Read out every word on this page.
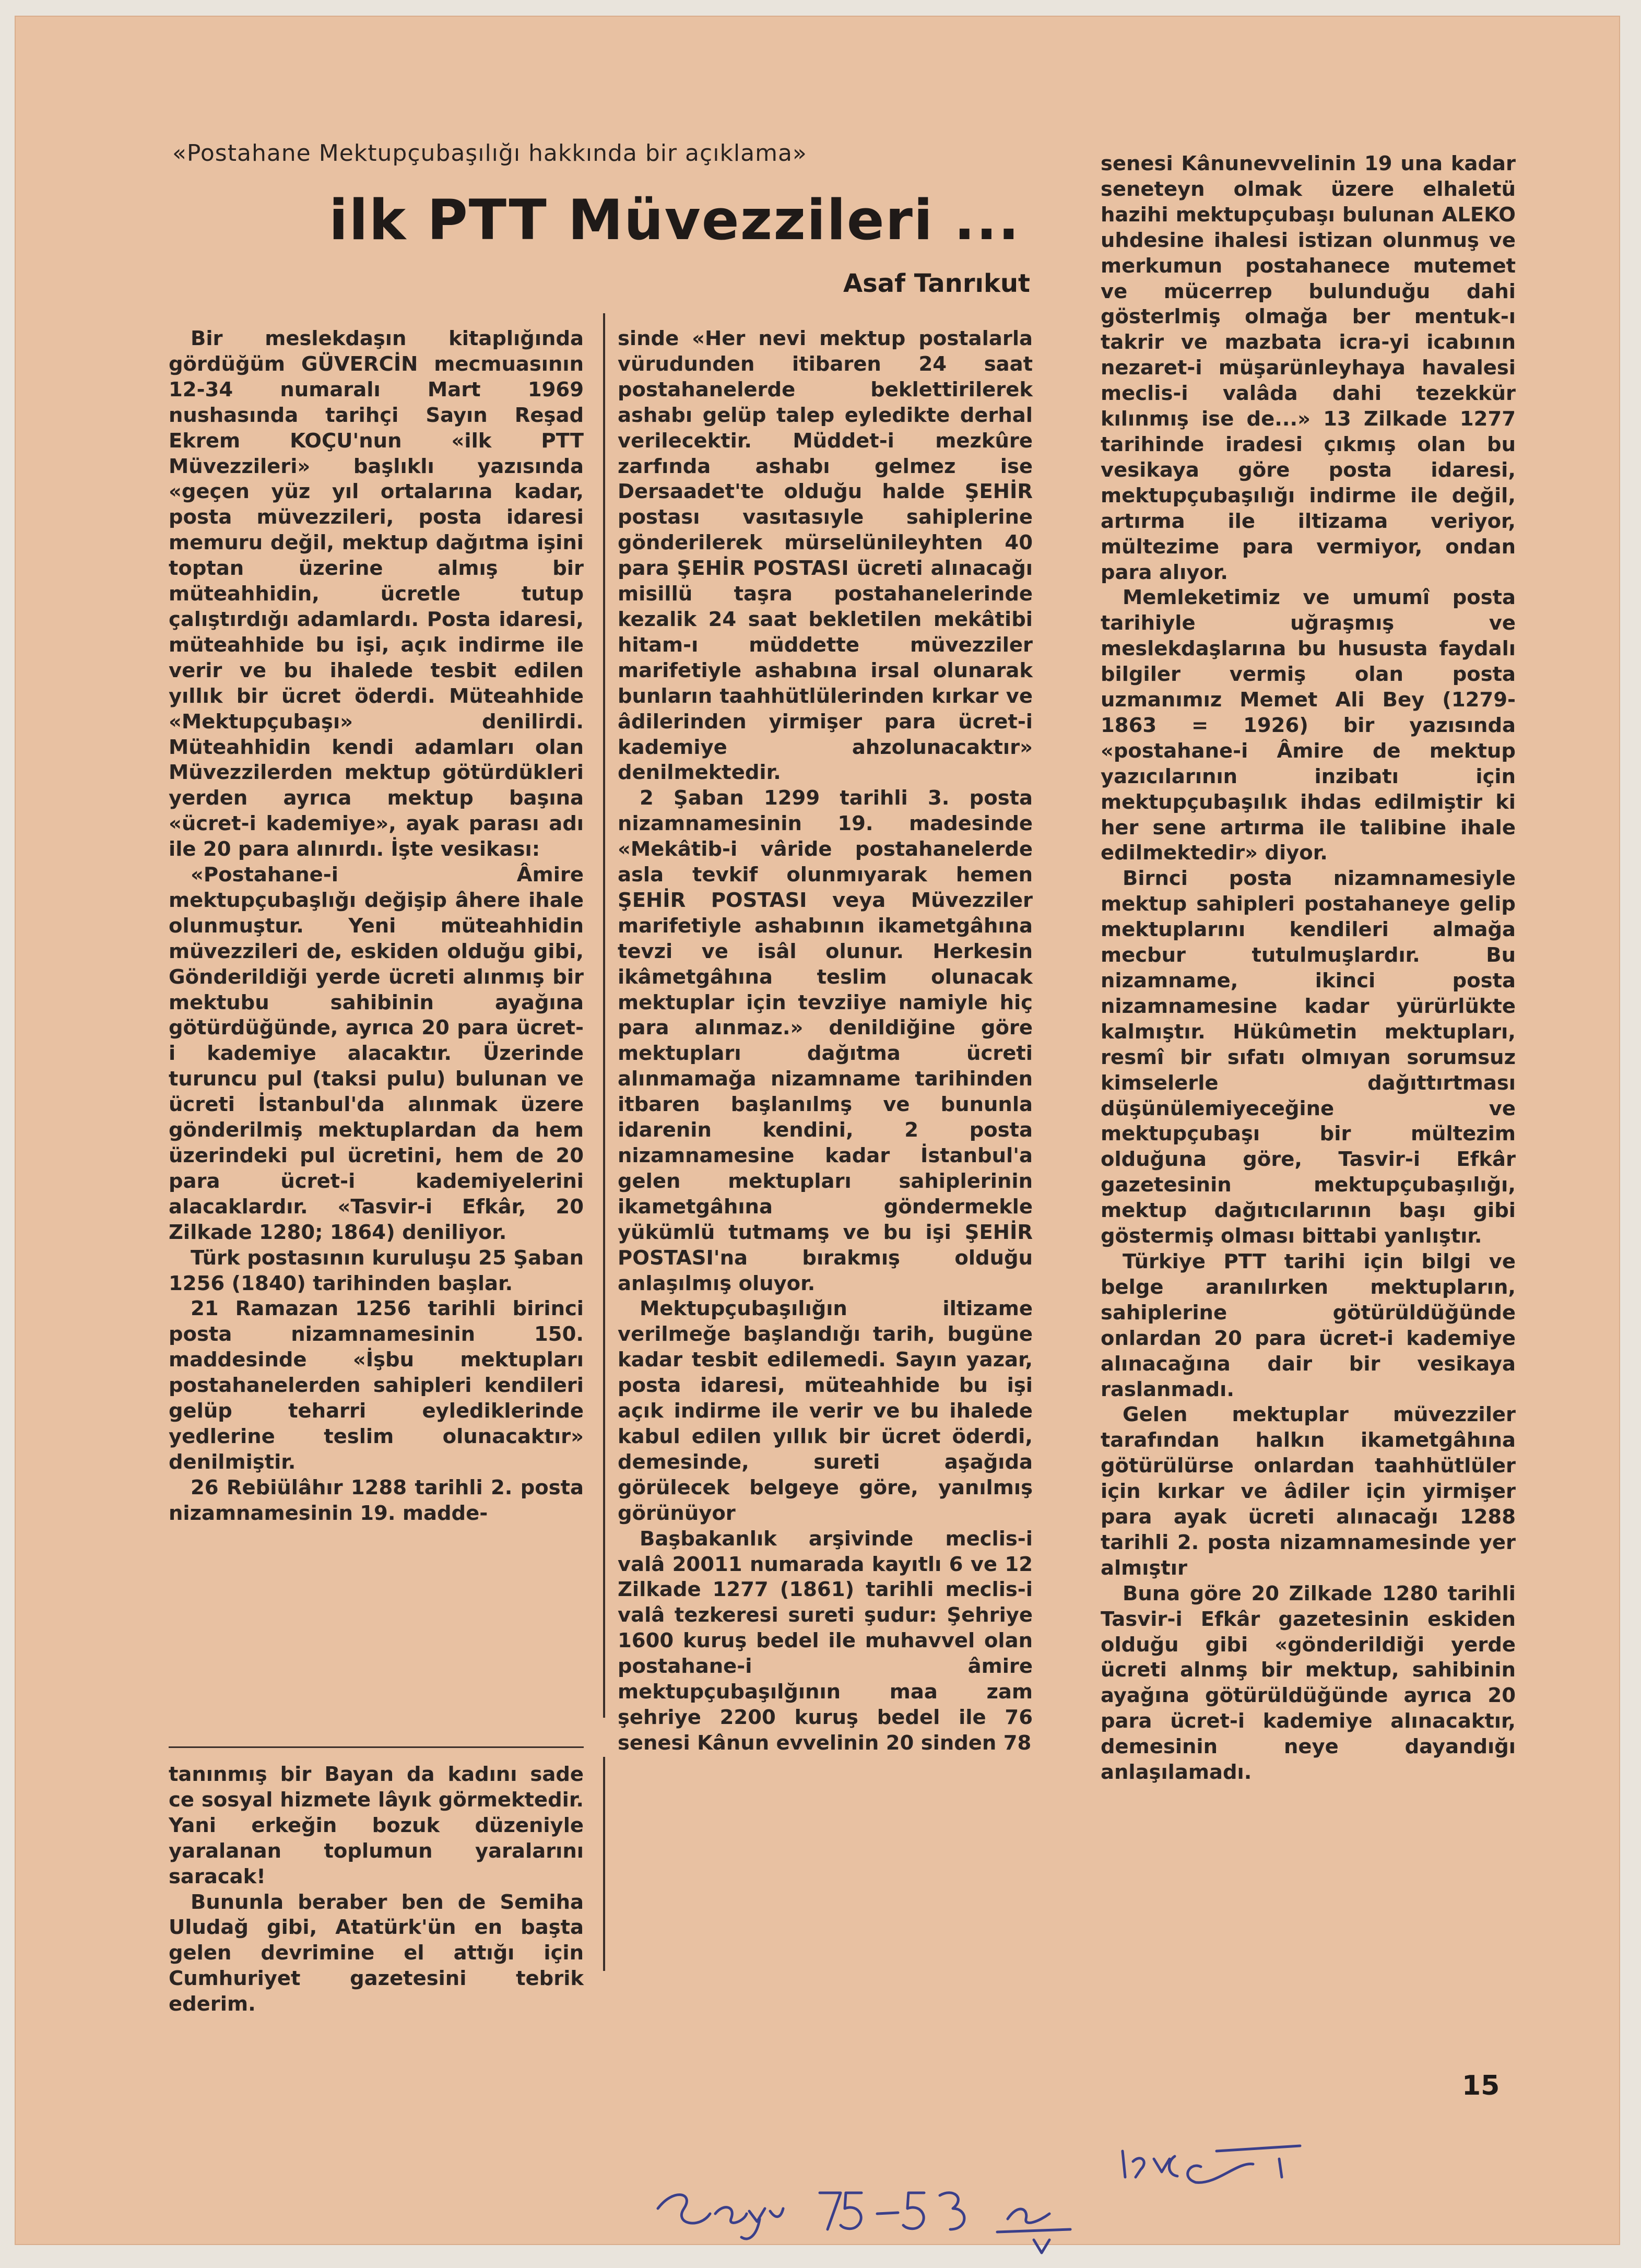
«Postahane Mektupçubaşılığı hakkında bir açıklama»
ilk PTT Müvezzileri ...
Asaf Tanrıkut

Bir meslekdaşın kitaplığında gördüğüm GÜVERCİN mecmuasının 12-34 numaralı Mart 1969 nushasında tarihçi Sayın Reşad Ekrem KOÇU'nun «ilk PTT Müvezzileri» başlıklı yazısında «geçen yüz yıl ortalarına kadar, posta müvezzileri, posta idaresi memuru değil, mektup dağıtma işini toptan üzerine almış bir müteahhidin, ücretle tutup çalıştırdığı adamlardı. Posta idaresi, müteahhide bu işi, açık indirme ile verir ve bu ihalede tesbit edilen yıllık bir ücret öderdi. Müteahhide «Mektupçubaşı» denilirdi. Müteahhidin kendi adamları olan Müvezzilerden mektup götürdükleri yerden ayrıca mektup başına «ücret-i kademiye», ayak parası adı ile 20 para alınırdı. İşte vesikası:

«Postahane-i Âmire mektupçubaşlığı değişip âhere ihale olunmuştur. Yeni müteahhidin müvezzileri de, eskiden olduğu gibi, Gönderildiği yerde ücreti alınmış bir mektubu sahibinin ayağına götürdüğünde, ayrıca 20 para ücret-i kademiye alacaktır. Üzerinde turuncu pul (taksi pulu) bulunan ve ücreti İstanbul'da alınmak üzere gönderilmiş mektuplardan da hem üzerindeki pul ücretini, hem de 20 para ücret-i kademiyelerini alacaklardır. «Tasvir-i Efkâr, 20 Zilkade 1280; 1864) deniliyor.

Türk postasının kuruluşu 25 Şaban 1256 (1840) tarihinden başlar.

21 Ramazan 1256 tarihli birinci posta nizamnamesinin 150. maddesinde «İşbu mektupları postahanelerden sahipleri kendileri gelüp teharri eylediklerinde yedlerine teslim olunacaktır» denilmiştir.

26 Rebiülâhır 1288 tarihli 2. posta nizamnamesinin 19. madde-

sinde «Her nevi mektup postalarla vürudunden itibaren 24 saat postahanelerde beklettirilerek ashabı gelüp talep eyledikte derhal verilecektir. Müddet-i mezkûre zarfında ashabı gelmez ise Dersaadet'te olduğu halde ŞEHİR postası vasıtasıyle sahiplerine gönderilerek mürselünileyhten 40 para ŞEHİR POSTASI ücreti alınacağı misillü taşra postahanelerinde kezalik 24 saat bekletilen mekâtibi hitam-ı müddette müvezziler marifetiyle ashabına irsal olunarak bunların taahhütlülerinden kırkar ve âdilerinden yirmişer para ücret-i kademiye ahzolunacaktır» denilmektedir.

2 Şaban 1299 tarihli 3. posta nizamnamesinin 19. madesinde «Mekâtib-i vâride postahanelerde asla tevkif olunmıyarak hemen ŞEHİR POSTASI veya Müvezziler marifetiyle ashabının ikametgâhına tevzi ve isâl olunur. Herkesin ikâmetgâhına teslim olunacak mektuplar için tevziiye namiyle hiç para alınmaz.» denildiğine göre mektupları dağıtma ücreti alınmamağa nizamname tarihinden itbaren başlanılmş ve bununla idarenin kendini, 2 posta nizamnamesine kadar İstanbul'a gelen mektupları sahiplerinin ikametgâhına göndermekle yükümlü tutmamş ve bu işi ŞEHİR POSTASI'na bırakmış olduğu anlaşılmış oluyor.

Mektupçubaşılığın iltizame verilmeğe başlandığı tarih, bugüne kadar tesbit edilemedi. Sayın yazar, posta idaresi, müteahhide bu işi açık indirme ile verir ve bu ihalede kabul edilen yıllık bir ücret öderdi, demesinde, sureti aşağıda görülecek belgeye göre, yanılmış görünüyor

Başbakanlık arşivinde meclis-i valâ 20011 numarada kayıtlı 6 ve 12 Zilkade 1277 (1861) tarihli meclis-i valâ tezkeresi sureti şudur: Şehriye 1600 kuruş bedel ile muhavvel olan postahane-i âmire mektupçubaşılğının maa zam şehriye 2200 kuruş bedel ile 76 senesi Kânun evvelinin 20 sinden 78

tanınmış bir Bayan da kadını sade ce sosyal hizmete lâyık görmektedir. Yani erkeğin bozuk düzeniyle yaralanan toplumun yaralarını saracak!

Bununla beraber ben de Semiha Uludağ gibi, Atatürk'ün en başta gelen devrimine el attığı için Cumhuriyet gazetesini tebrik ederim.

senesi Kânunevvelinin 19 una kadar seneteyn olmak üzere elhaletü hazihi mektupçubaşı bulunan ALEKO uhdesine ihalesi istizan olunmuş ve merkumun postahanece mutemet ve mücerrep bulunduğu dahi gösterlmiş olmağa ber mentuk-ı takrir ve mazbata icra-yi icabının nezaret-i müşarünleyhaya havalesi meclis-i valâda dahi tezekkür kılınmış ise de...» 13 Zilkade 1277 tarihinde iradesi çıkmış olan bu vesikaya göre posta idaresi, mektupçubaşılığı indirme ile değil, artırma ile iltizama veriyor, mültezime para vermiyor, ondan para alıyor.

Memleketimiz ve umumî posta tarihiyle uğraşmış ve meslekdaşlarına bu hususta faydalı bilgiler vermiş olan posta uzmanımız Memet Ali Bey (1279-1863 = 1926) bir yazısında «postahane-i Âmire de mektup yazıcılarının inzibatı için mektupçubaşılık ihdas edilmiştir ki her sene artırma ile talibine ihale edilmektedir» diyor.

Birnci posta nizamnamesiyle mektup sahipleri postahaneye gelip mektuplarını kendileri almağa mecbur tutulmuşlardır. Bu nizamname, ikinci posta nizamnamesine kadar yürürlükte kalmıştır. Hükûmetin mektupları, resmî bir sıfatı olmıyan sorumsuz kimselerle dağıttırtması düşünülemiyeceğine ve mektupçubaşı bir mültezim olduğuna göre, Tasvir-i Efkâr gazetesinin mektupçubaşılığı, mektup dağıtıcılarının başı gibi göstermiş olması bittabi yanlıştır.

Türkiye PTT tarihi için bilgi ve belge aranılırken mektupların, sahiplerine götürüldüğünde onlardan 20 para ücret-i kademiye alınacağına dair bir vesikaya raslanmadı.

Gelen mektuplar müvezziler tarafından halkın ikametgâhına götürülürse onlardan taahhütlüler için kırkar ve âdiler için yirmişer para ayak ücreti alınacağı 1288 tarihli 2. posta nizamnamesinde yer almıştır

Buna göre 20 Zilkade 1280 tarihli Tasvir-i Efkâr gazetesinin eskiden olduğu gibi «gönderildiği yerde ücreti alnmş bir mektup, sahibinin ayağına götürüldüğünde ayrıca 20 para ücret-i kademiye alınacaktır, demesinin neye dayandığı anlaşılamadı.

15
